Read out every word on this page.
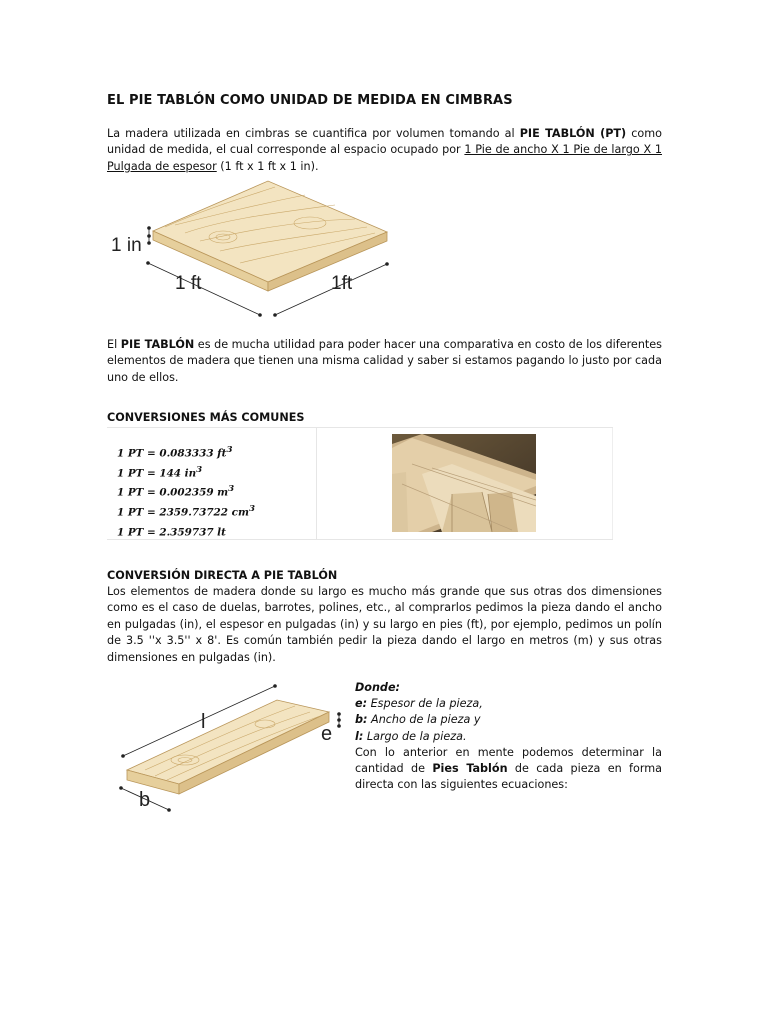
EL PIE TABLÓN COMO UNIDAD DE MEDIDA EN CIMBRAS
La madera utilizada en cimbras se cuantifica por volumen tomando al PIE TABLÓN (PT) como unidad de medida, el cual corresponde al espacio ocupado por 1 Pie de ancho X 1 Pie de largo X 1 Pulgada de espesor (1 ft x 1 ft x 1 in).
1 in
1 ft	1ft
El PIE TABLÓN es de mucha utilidad para poder hacer una comparativa en costo de los diferentes elementos de madera que tienen una misma calidad y saber si estamos pagando lo justo por cada uno de ellos.
CONVERSIONES MÁS COMUNES
1 PT = 0.083333 $ft^3$
1 PT = 144 $in^3$
1 PT = 0.002359 $m^3$
1 PT = 2359.73722 $cm^3$
1 PT = 2.359737 lt
CONVERSIÓN DIRECTA A PIE TABLÓN
Los elementos de madera donde su largo es mucho más grande que sus otras dos dimensiones como es el caso de duelas, barrotes, polines, etc., al comprarlos pedimos la pieza dando el ancho en pulgadas (in), el espesor en pulgadas (in) y su largo en pies (ft), por ejemplo, pedimos un polín de 3.5 ''x 3.5'' x 8'. Es común también pedir la pieza dando el largo en metros (m) y sus otras dimensiones en pulgadas (in).
l
e
b
Donde:
e: Espesor de la pieza,
b: Ancho de la pieza y
l: Largo de la pieza.
Con lo anterior en mente podemos determinar la cantidad de Pies Tablón de cada pieza en forma directa con las siguientes ecuaciones:
